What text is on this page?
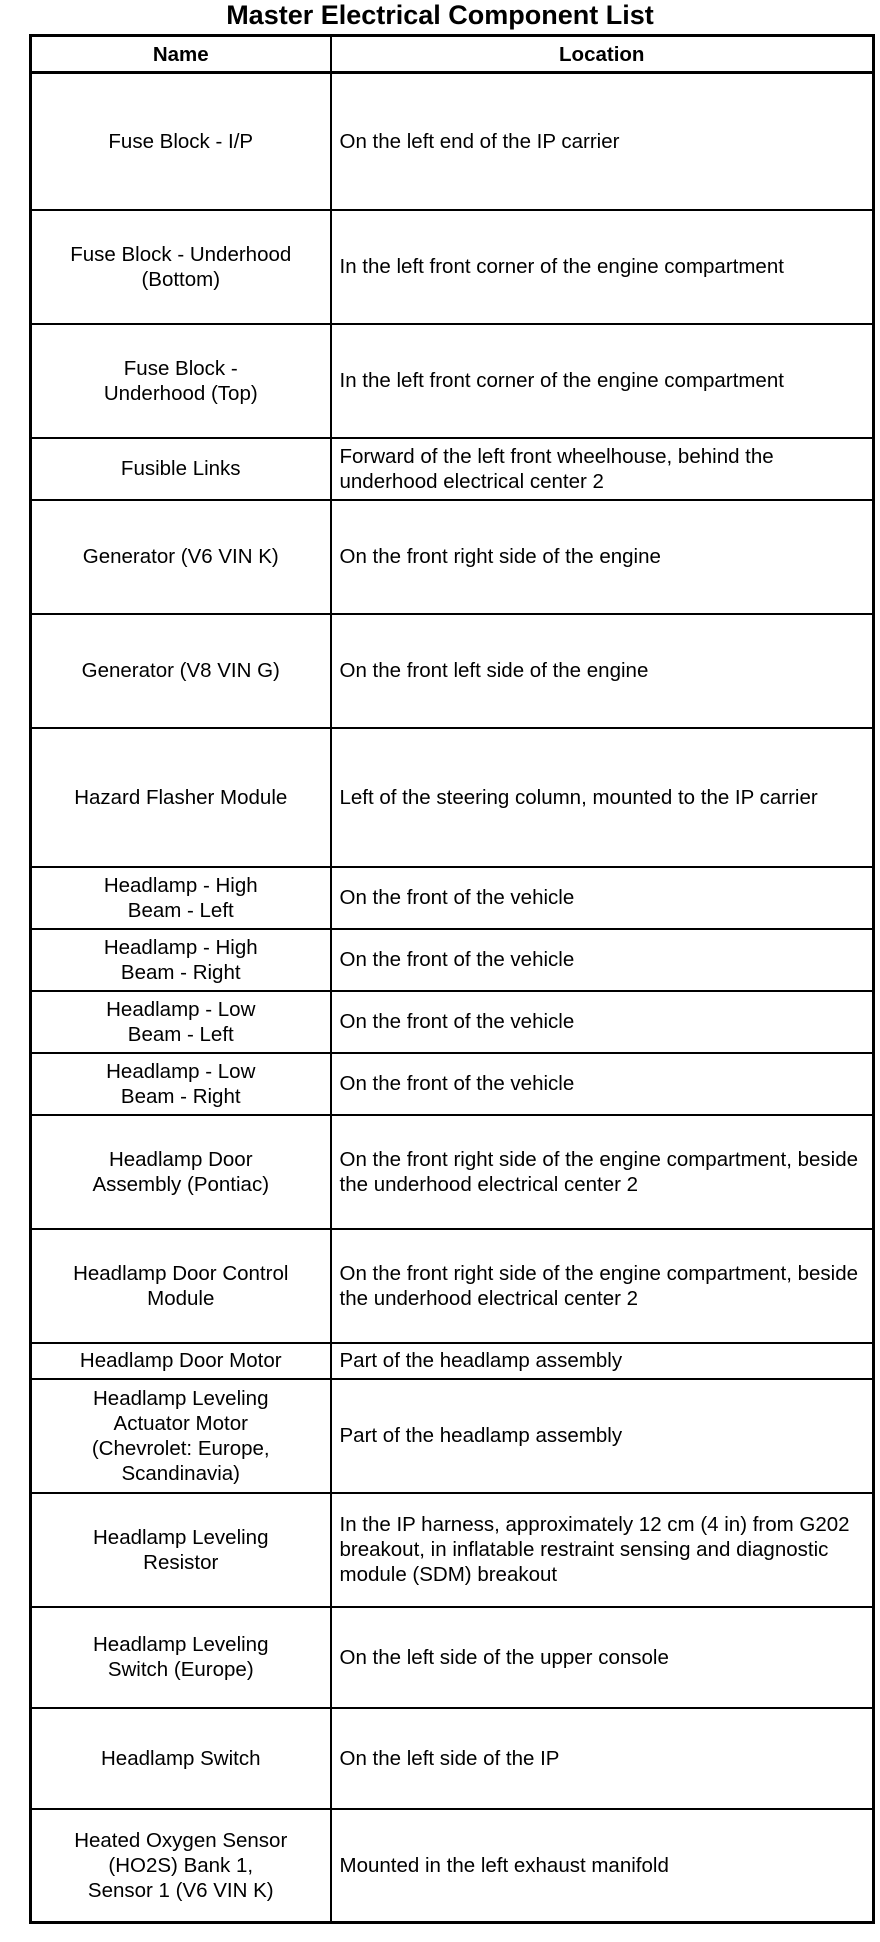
Master Electrical Component List
Name	Location
Fuse Block - I/P	On the left end of the IP carrier
Fuse Block - Underhood (Bottom)	In the left front corner of the engine compartment
Fuse Block -
Underhood (Top)	In the left front corner of the engine compartment
Fusible Links	Forward of the left front wheelhouse, behind the underhood electrical center 2
Generator (V6 VIN K)	On the front right side of the engine
Generator (V8 VIN G)	On the front left side of the engine
Hazard Flasher Module	Left of the steering column, mounted to the IP carrier
Headlamp - High
Beam - Left	On the front of the vehicle
Headlamp - High
Beam - Right	On the front of the vehicle
Headlamp - Low
Beam - Left	On the front of the vehicle
Headlamp - Low
Beam - Right	On the front of the vehicle
Headlamp Door
Assembly (Pontiac)	On the front right side of the engine compartment, beside the underhood electrical center 2
Headlamp Door Control Module	On the front right side of the engine compartment, beside the underhood electrical center 2
Headlamp Door Motor	Part of the headlamp assembly
Headlamp Leveling
Actuator Motor
(Chevrolet: Europe,
Scandinavia)	Part of the headlamp assembly
Headlamp Leveling
Resistor	In the IP harness, approximately 12 cm (4 in) from G202 breakout, in inflatable restraint sensing and diagnostic module (SDM) breakout
Headlamp Leveling
Switch (Europe)	On the left side of the upper console
Headlamp Switch	On the left side of the IP
Heated Oxygen Sensor
(HO2S) Bank 1,
Sensor 1 (V6 VIN K)	Mounted in the left exhaust manifold
